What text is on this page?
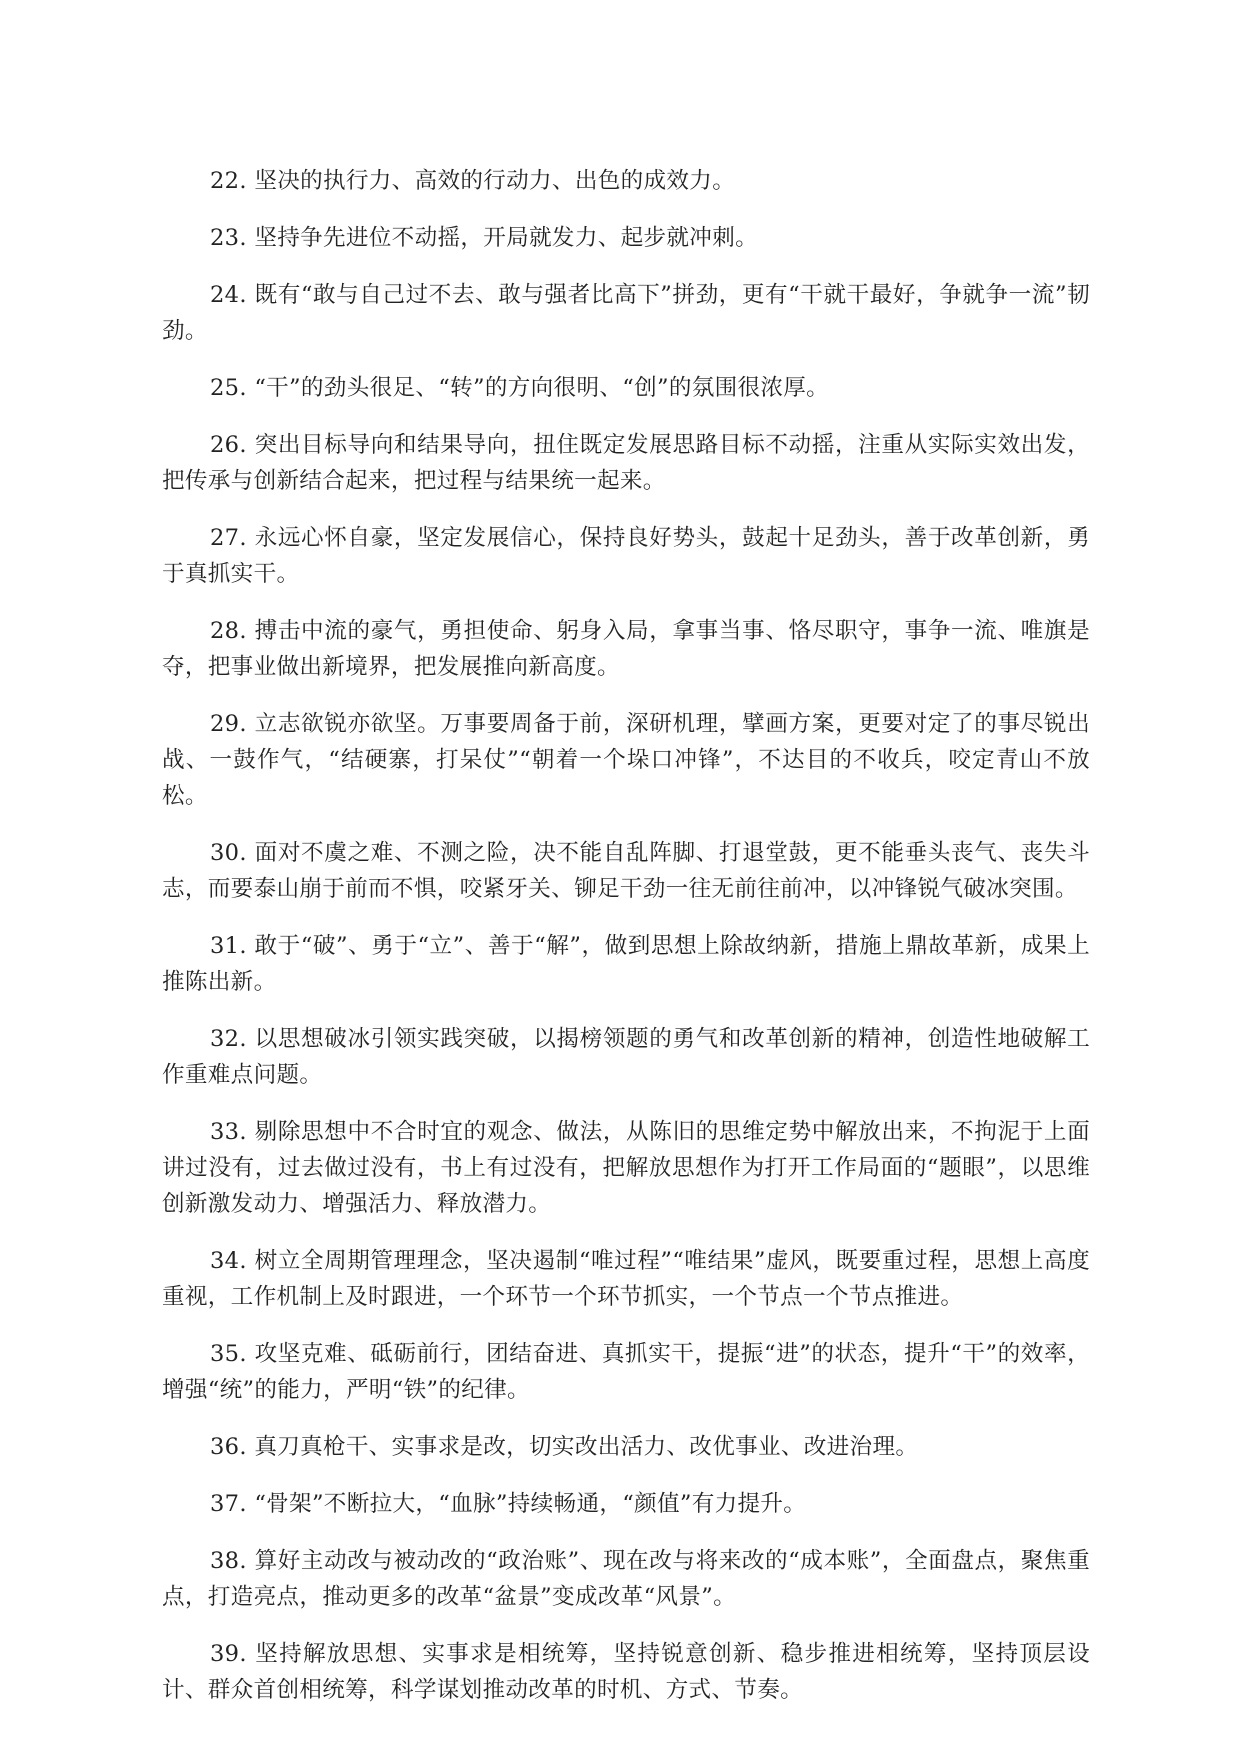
22. 坚决的执行力、高效的行动力、出色的成效力。

23. 坚持争先进位不动摇，开局就发力、起步就冲刺。

24. 既有“敢与自己过不去、敢与强者比高下”拼劲，更有“干就干最好，争就争一流”韧劲。

25. “干”的劲头很足、“转”的方向很明、“创”的氛围很浓厚。

26. 突出目标导向和结果导向，扭住既定发展思路目标不动摇，注重从实际实效出发，把传承与创新结合起来，把过程与结果统一起来。

27. 永远心怀自豪，坚定发展信心，保持良好势头，鼓起十足劲头，善于改革创新，勇于真抓实干。

28. 搏击中流的豪气，勇担使命、躬身入局，拿事当事、恪尽职守，事争一流、唯旗是夺，把事业做出新境界，把发展推向新高度。

29. 立志欲锐亦欲坚。万事要周备于前，深研机理，擘画方案，更要对定了的事尽锐出战、一鼓作气，“结硬寨，打呆仗”“朝着一个垛口冲锋”，不达目的不收兵，咬定青山不放松。

30. 面对不虞之难、不测之险，决不能自乱阵脚、打退堂鼓，更不能垂头丧气、丧失斗志，而要泰山崩于前而不惧，咬紧牙关、铆足干劲一往无前往前冲，以冲锋锐气破冰突围。

31. 敢于“破”、勇于“立”、善于“解”，做到思想上除故纳新，措施上鼎故革新，成果上推陈出新。

32. 以思想破冰引领实践突破，以揭榜领题的勇气和改革创新的精神，创造性地破解工作重难点问题。

33. 剔除思想中不合时宜的观念、做法，从陈旧的思维定势中解放出来，不拘泥于上面讲过没有，过去做过没有，书上有过没有，把解放思想作为打开工作局面的“题眼”，以思维创新激发动力、增强活力、释放潜力。

34. 树立全周期管理理念，坚决遏制“唯过程”“唯结果”虚风，既要重过程，思想上高度重视，工作机制上及时跟进，一个环节一个环节抓实，一个节点一个节点推进。

35. 攻坚克难、砥砺前行，团结奋进、真抓实干，提振“进”的状态，提升“干”的效率，增强“统”的能力，严明“铁”的纪律。

36. 真刀真枪干、实事求是改，切实改出活力、改优事业、改进治理。

37. “骨架”不断拉大，“血脉”持续畅通，“颜值”有力提升。

38. 算好主动改与被动改的“政治账”、现在改与将来改的“成本账”，全面盘点，聚焦重点，打造亮点，推动更多的改革“盆景”变成改革“风景”。

39. 坚持解放思想、实事求是相统筹，坚持锐意创新、稳步推进相统筹，坚持顶层设计、群众首创相统筹，科学谋划推动改革的时机、方式、节奏。
